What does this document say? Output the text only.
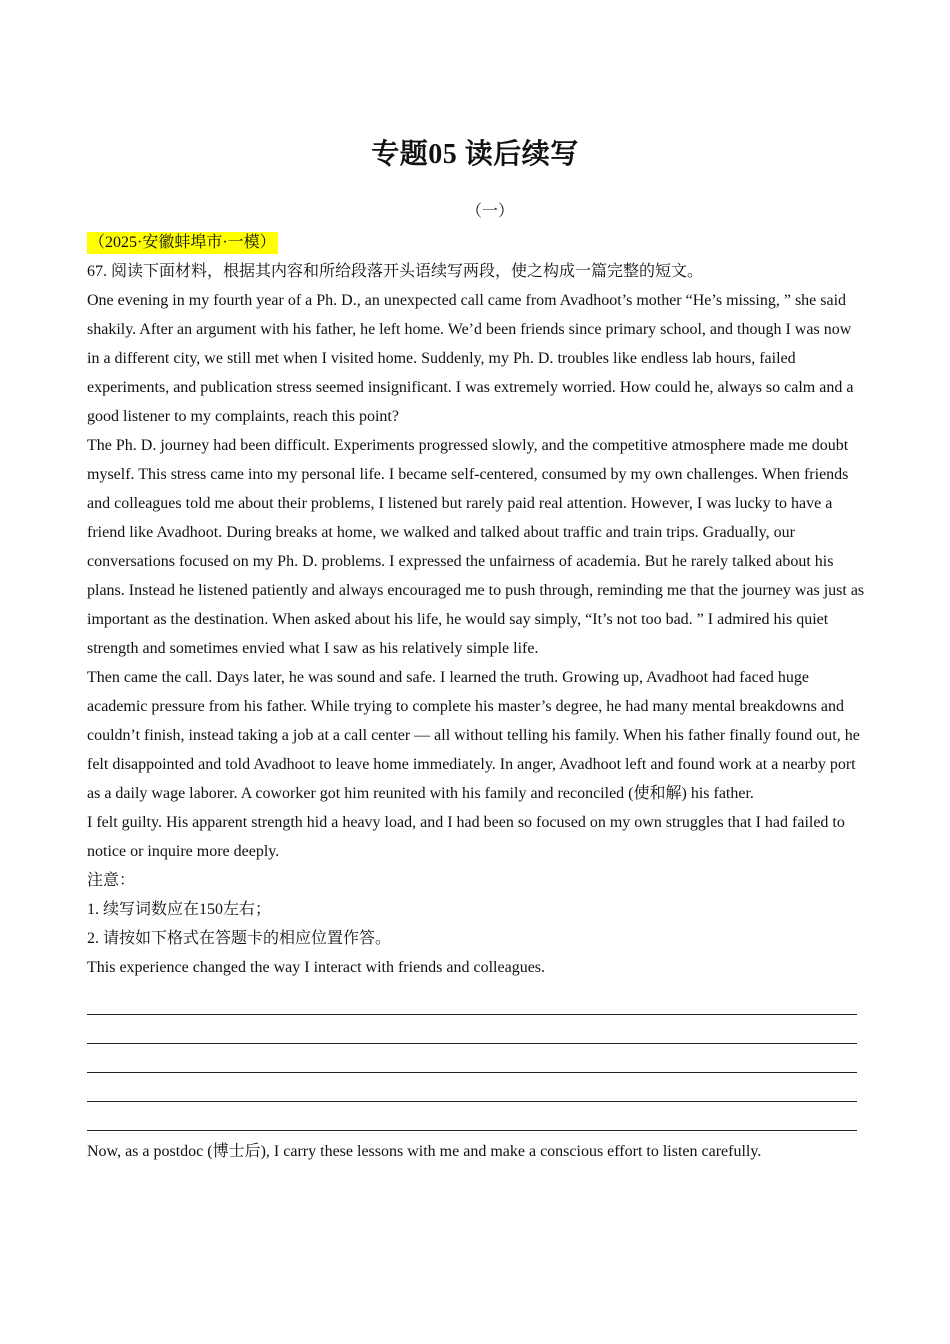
专题05 读后续写
（一）

（2025·安徽蚌埠市·一模）

67. 阅读下面材料，根据其内容和所给段落开头语续写两段，使之构成一篇完整的短文。

One evening in my fourth year of a Ph. D., an unexpected call came from Avadhoot’s mother “He’s missing, ” she said shakily. After an argument with his father, he left home. We’d been friends since primary school, and though I was now in a different city, we still met when I visited home. Suddenly, my Ph. D. troubles like endless lab hours, failed experiments, and publication stress seemed insignificant. I was extremely worried. How could he, always so calm and a good listener to my complaints, reach this point?

The Ph. D. journey had been difficult. Experiments progressed slowly, and the competitive atmosphere made me doubt myself. This stress came into my personal life. I became self-centered, consumed by my own challenges. When friends and colleagues told me about their problems, I listened but rarely paid real attention. However, I was lucky to have a friend like Avadhoot. During breaks at home, we walked and talked about traffic and train trips. Gradually, our conversations focused on my Ph. D. problems. I expressed the unfairness of academia. But he rarely talked about his plans. Instead he listened patiently and always encouraged me to push through, reminding me that the journey was just as important as the destination. When asked about his life, he would say simply, “It’s not too bad. ” I admired his quiet strength and sometimes envied what I saw as his relatively simple life.

Then came the call. Days later, he was sound and safe. I learned the truth. Growing up, Avadhoot had faced huge academic pressure from his father. While trying to complete his master’s degree, he had many mental breakdowns and couldn’t finish, instead taking a job at a call center — all without telling his family. When his father finally found out, he felt disappointed and told Avadhoot to leave home immediately. In anger, Avadhoot left and found work at a nearby port as a daily wage laborer. A coworker got him reunited with his family and reconciled (使和解) his father.

I felt guilty. His apparent strength hid a heavy load, and I had been so focused on my own struggles that I had failed to notice or inquire more deeply.

注意：

1. 续写词数应在150左右；

2. 请按如下格式在答题卡的相应位置作答。

This experience changed the way I interact with friends and colleagues.

Now, as a postdoc (博士后), I carry these lessons with me and make a conscious effort to listen carefully.
